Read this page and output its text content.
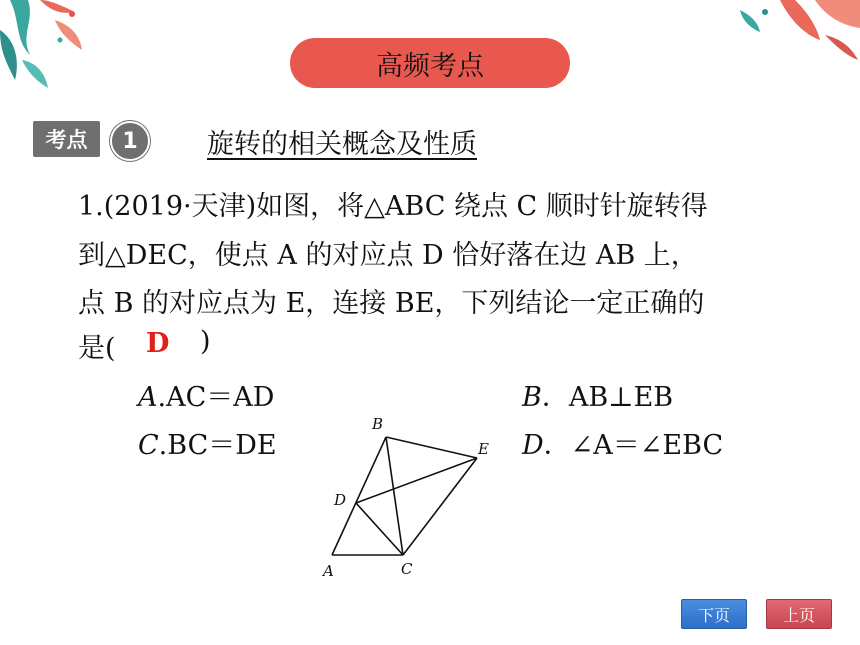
高频考点
考点	1	旋转的相关概念及性质
1.(2019·天津)如图，将△ABC 绕点 C 顺时针旋转得
到△DEC，使点 A 的对应点 D 恰好落在边 AB 上，
点 B 的对应点为 E，连接 BE，下列结论一定正确的
是( D )
A.AC＝AD	B．AB⊥EB
C.BC＝DE	D．∠A＝∠EBC
B
E
D
A	C
下页	上页
